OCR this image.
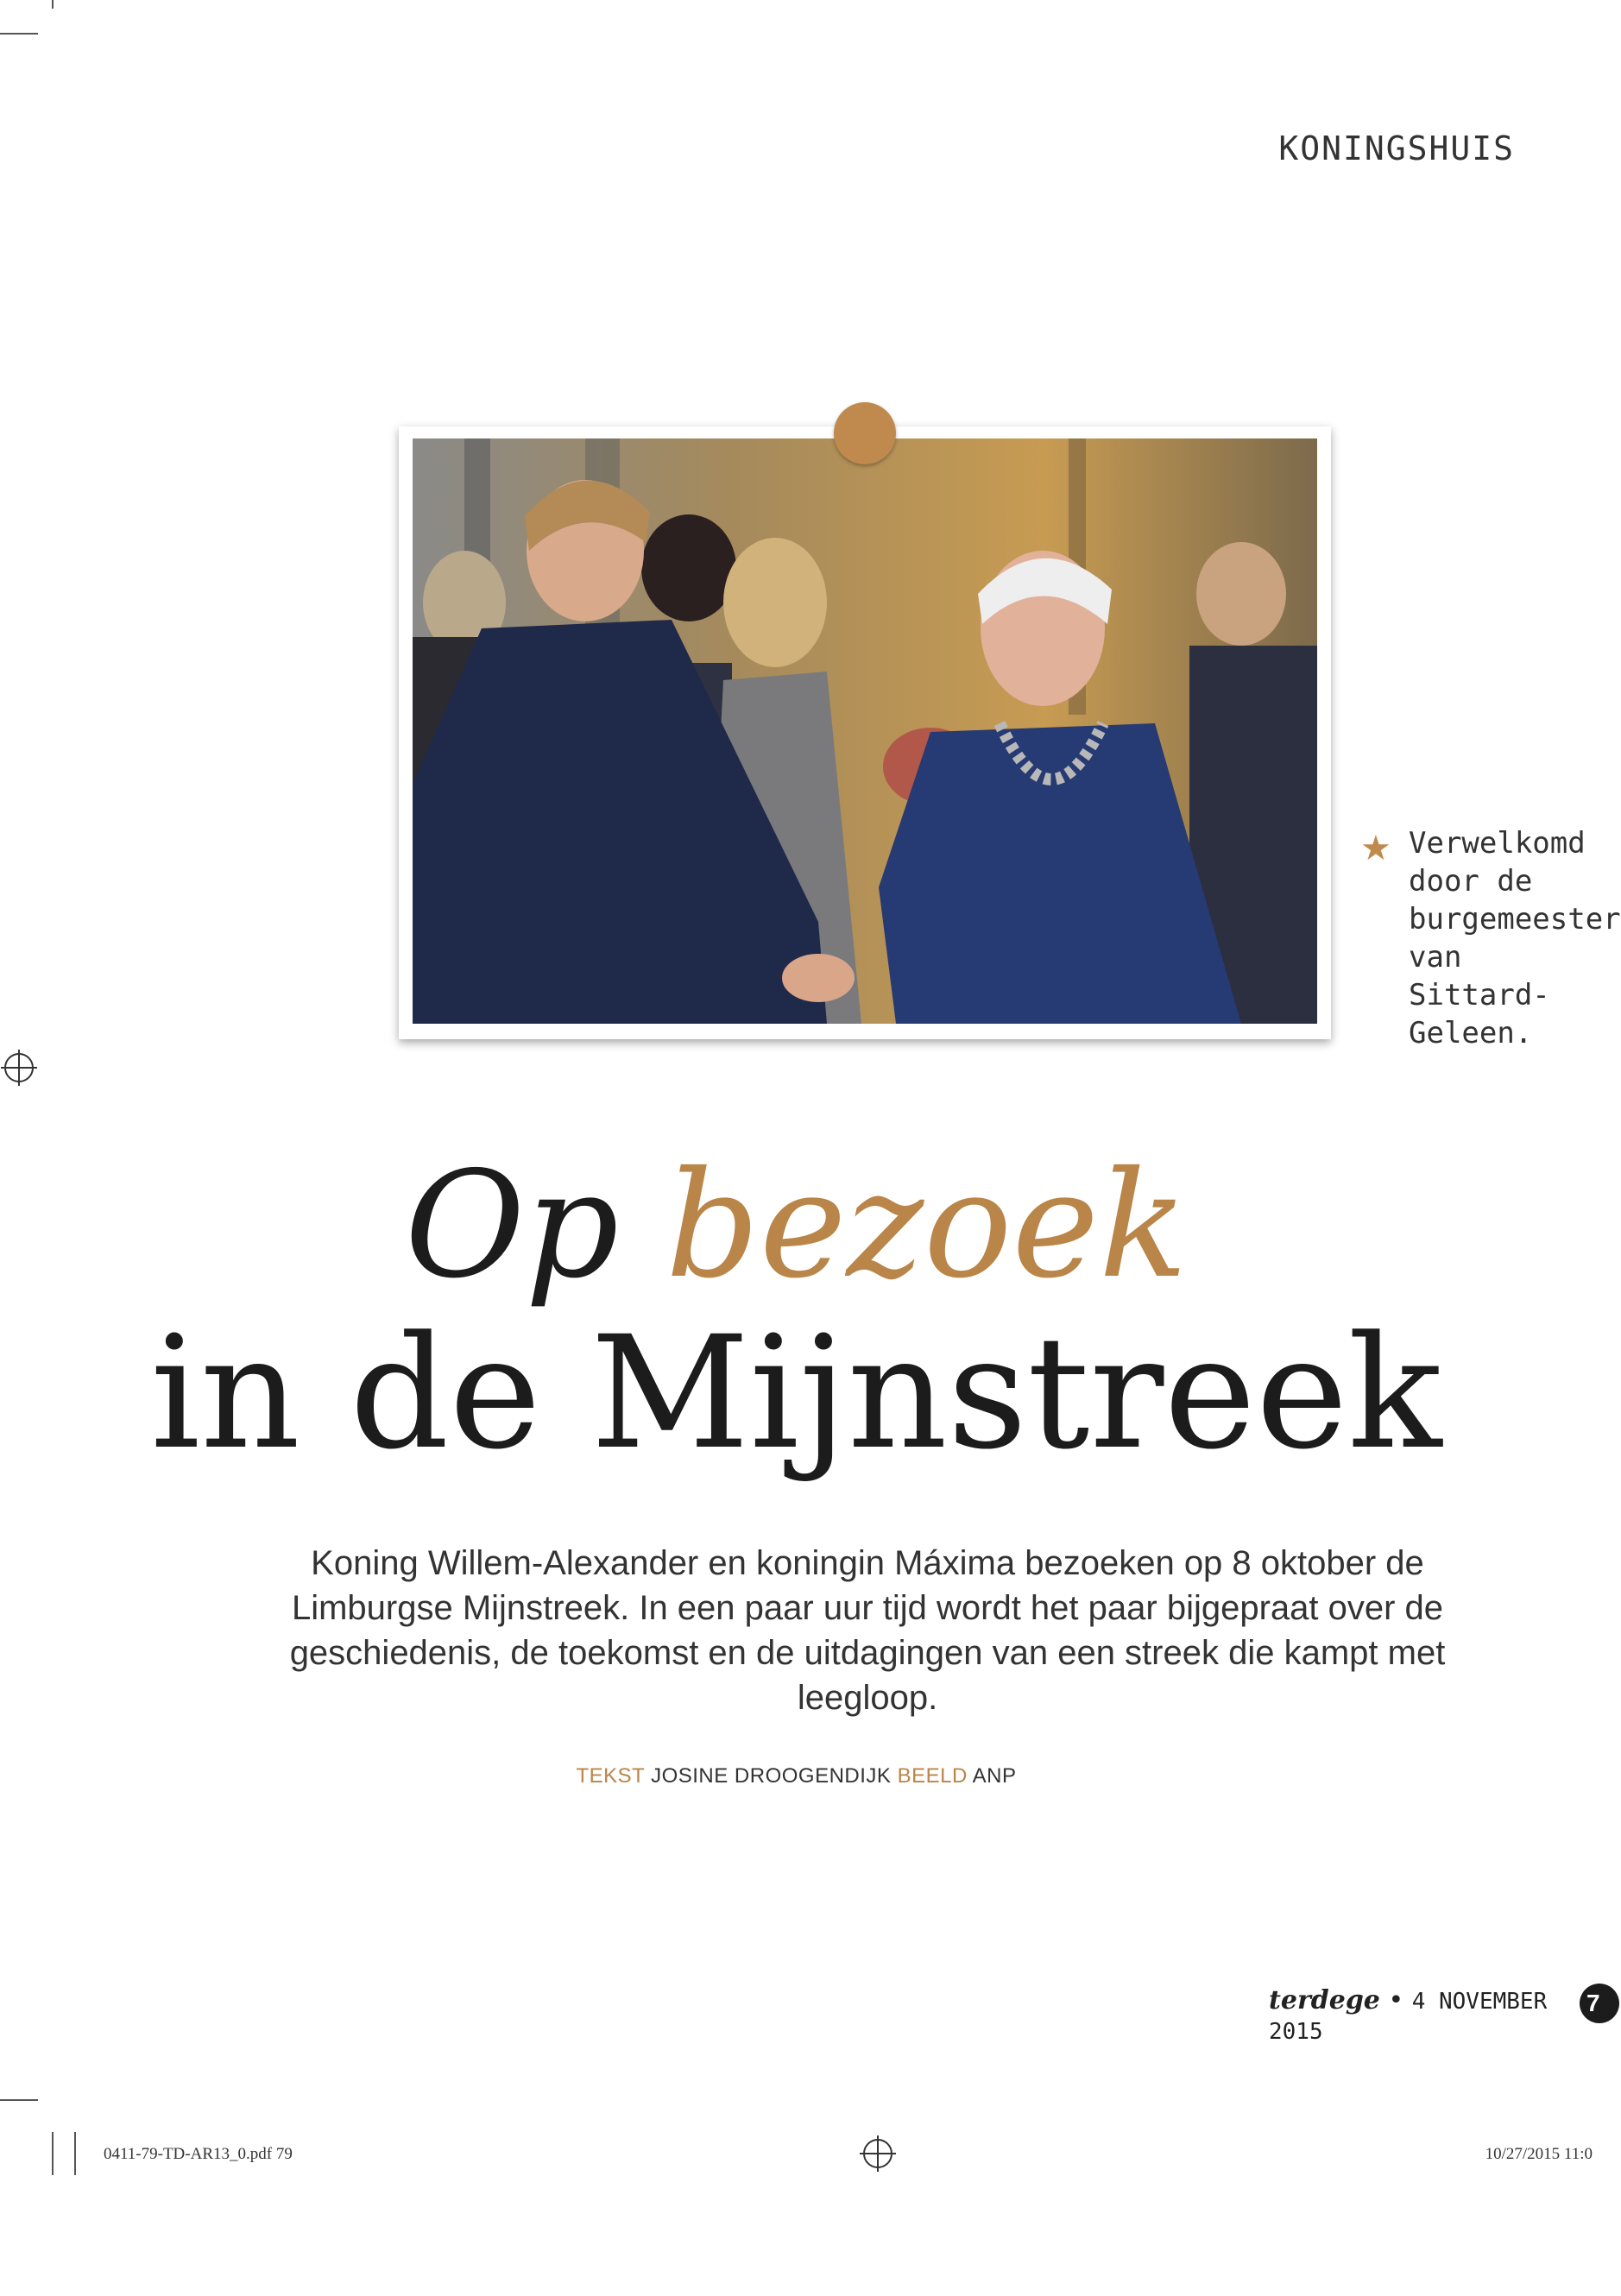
KONINGSHUIS
★ Verwelkomd door de burgemeester van Sittard-Geleen.
Op bezoek
in de Mijnstreek
Koning Willem-Alexander en koningin Máxima bezoeken op 8 oktober de Limburgse Mijnstreek. In een paar uur tijd wordt het paar bijgepraat over de geschiedenis, de toekomst en de uitdagingen van een streek die kampt met leegloop.
TEKST JOSINE DROOGENDIJK BEELD ANP
terdege • 4 NOVEMBER 2015
7
0411-79-TD-AR13_0.pdf 79	10/27/2015 11:0
